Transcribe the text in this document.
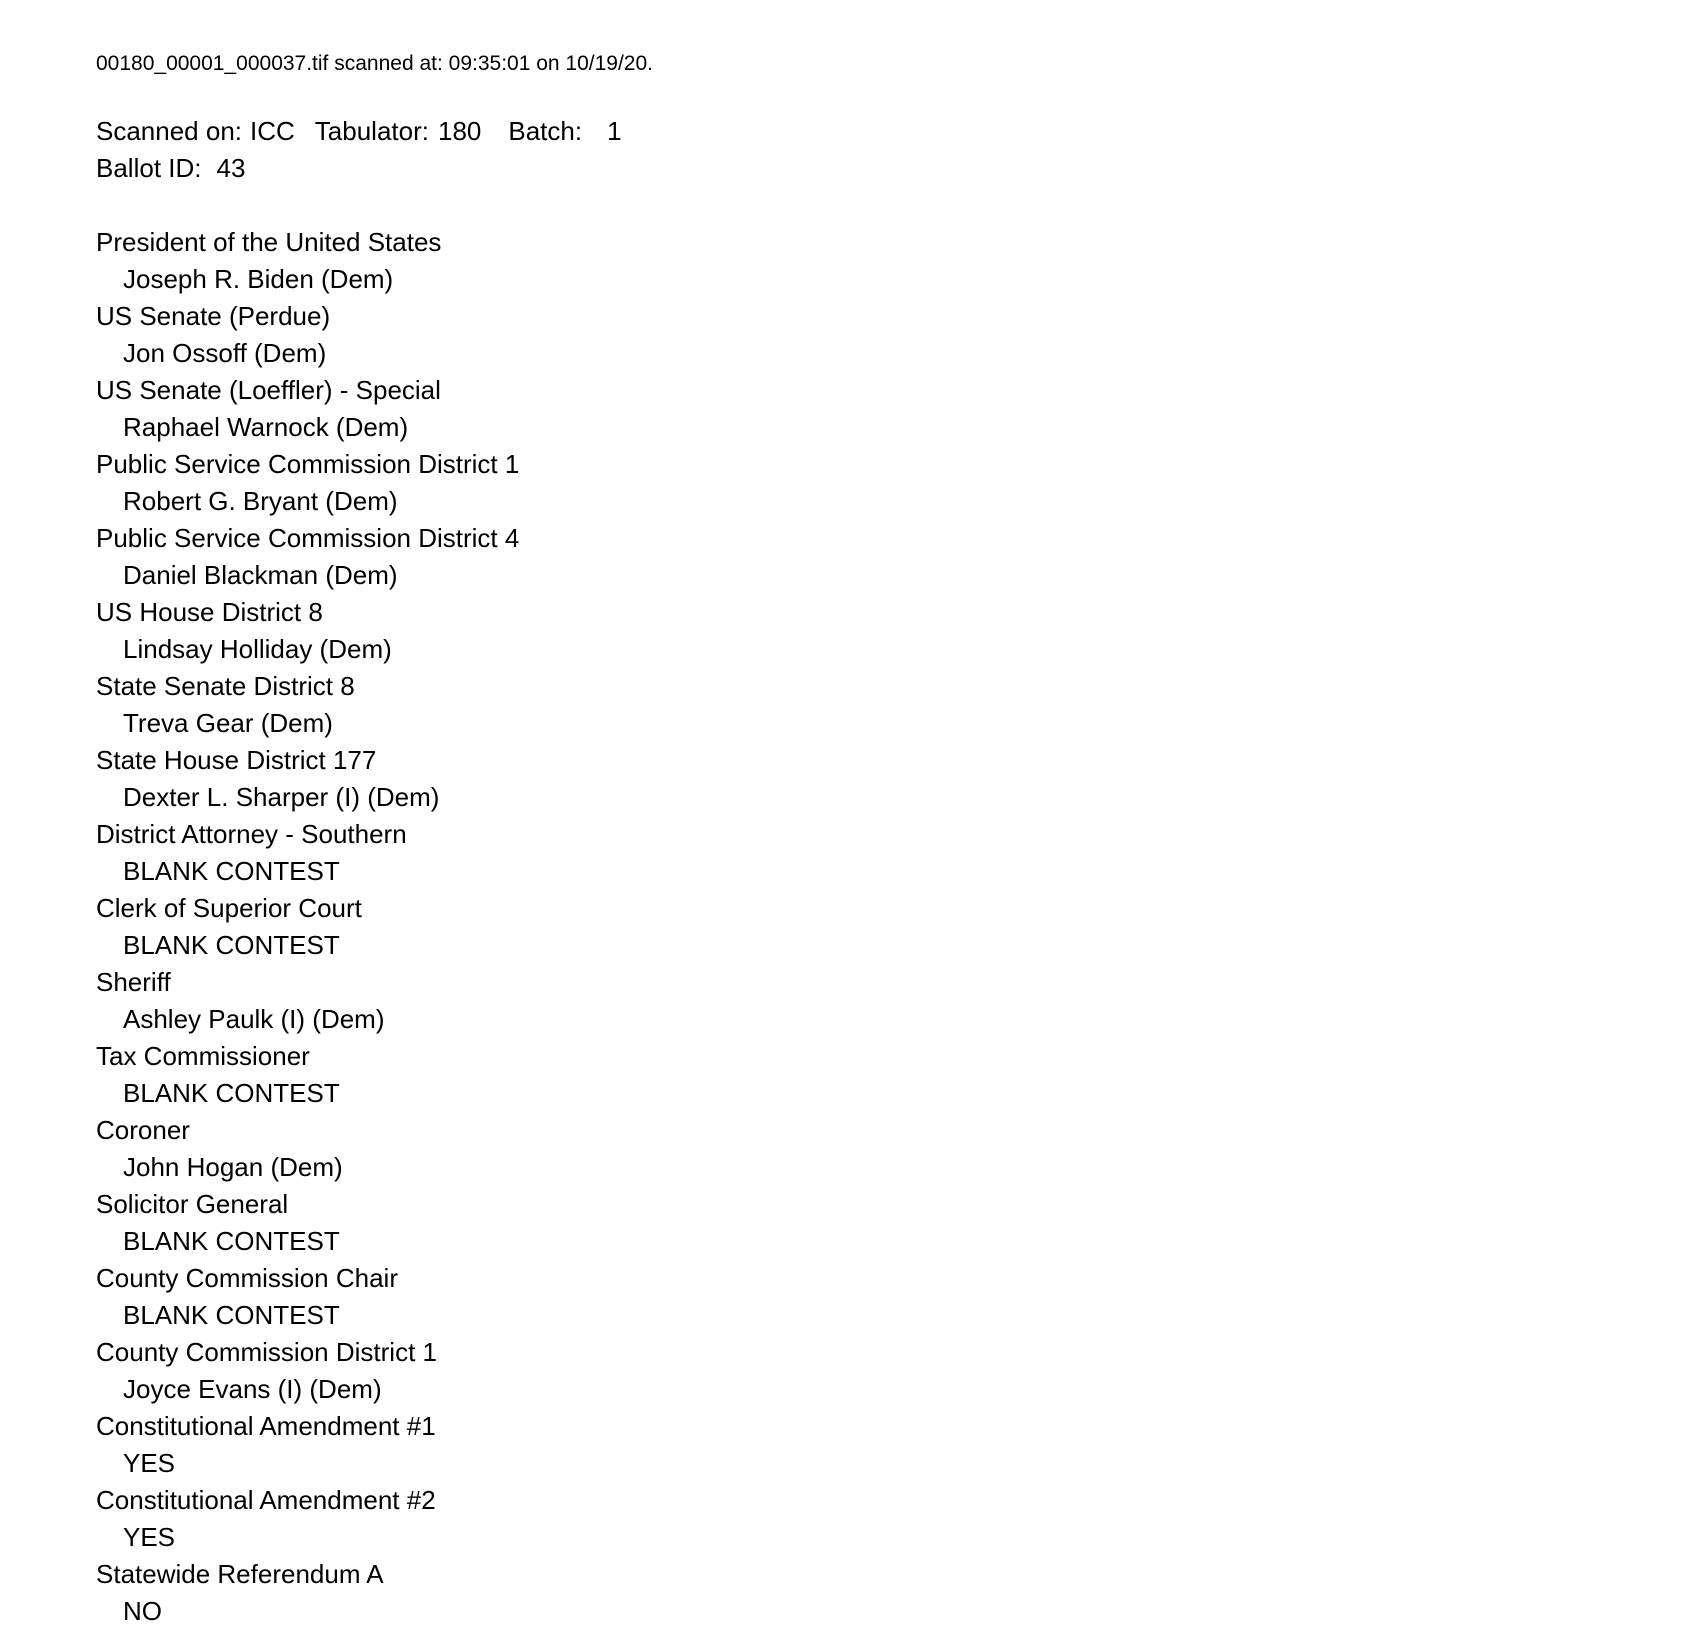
00180_00001_000037.tif scanned at: 09:35:01 on 10/19/20.
Scanned on: ICC Tabulator: 180 Batch: 1
Ballot ID: 43
President of the United States
Joseph R. Biden (Dem)
US Senate (Perdue)
Jon Ossoff (Dem)
US Senate (Loeffler) - Special
Raphael Warnock (Dem)
Public Service Commission District 1
Robert G. Bryant (Dem)
Public Service Commission District 4
Daniel Blackman (Dem)
US House District 8
Lindsay Holliday (Dem)
State Senate District 8
Treva Gear (Dem)
State House District 177
Dexter L. Sharper (I) (Dem)
District Attorney - Southern
BLANK CONTEST
Clerk of Superior Court
BLANK CONTEST
Sheriff
Ashley Paulk (I) (Dem)
Tax Commissioner
BLANK CONTEST
Coroner
John Hogan (Dem)
Solicitor General
BLANK CONTEST
County Commission Chair
BLANK CONTEST
County Commission District 1
Joyce Evans (I) (Dem)
Constitutional Amendment #1
YES
Constitutional Amendment #2
YES
Statewide Referendum A
NO
